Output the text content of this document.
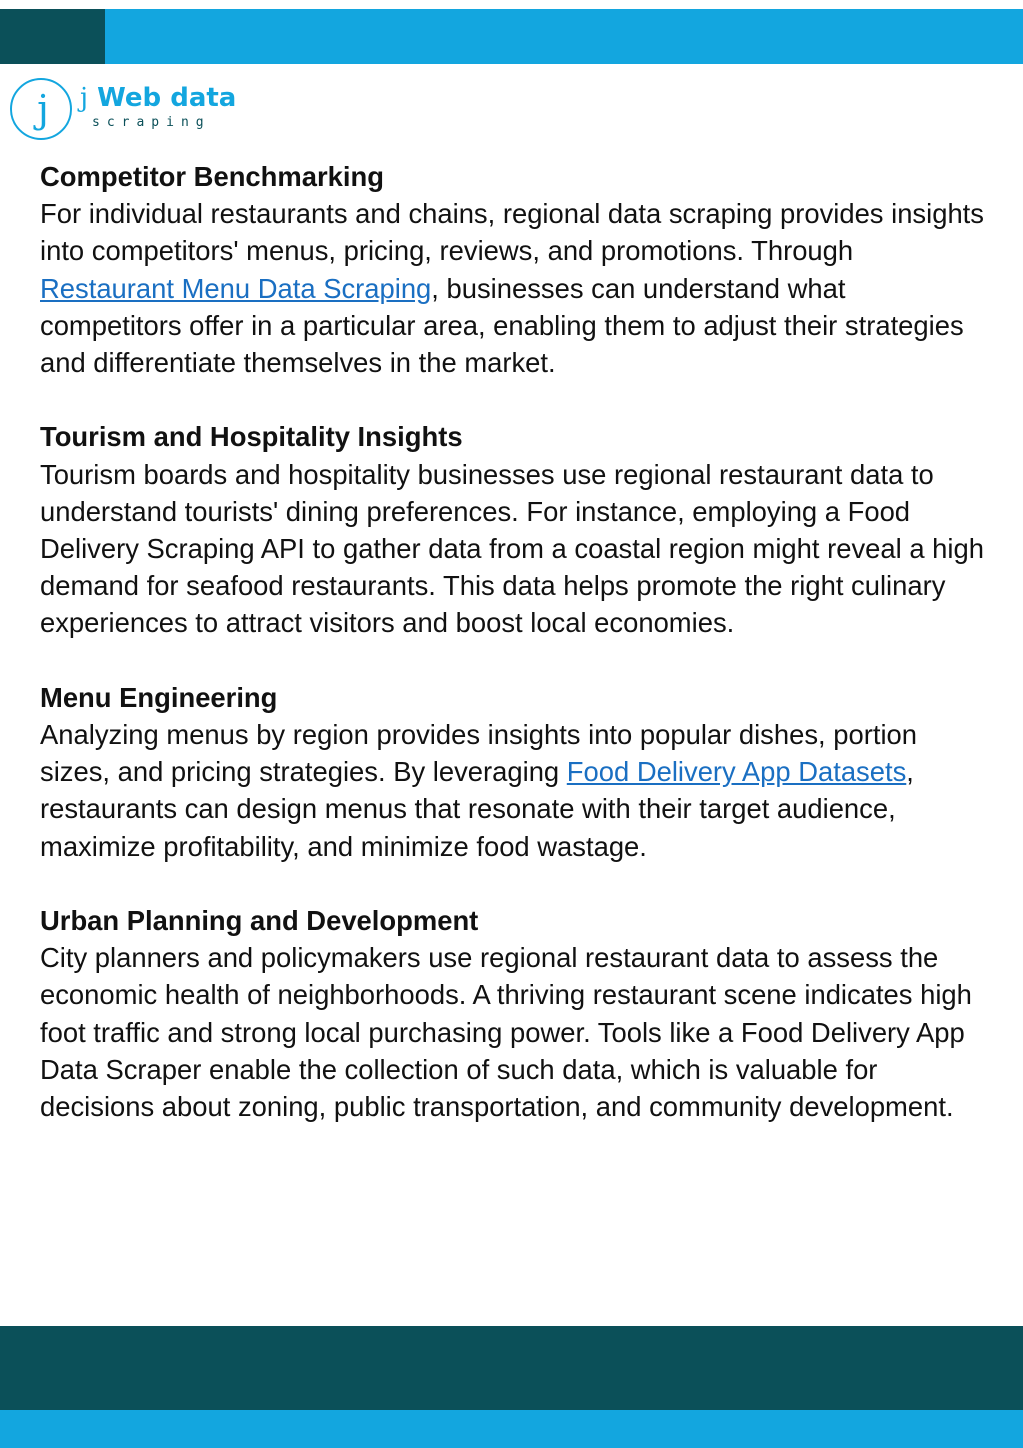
j	j Web data
scraping

Competitor Benchmarking

For individual restaurants and chains, regional data scraping provides insights into competitors' menus, pricing, reviews, and promotions. Through Restaurant Menu Data Scraping, businesses can understand what competitors offer in a particular area, enabling them to adjust their strategies and differentiate themselves in the market.

Tourism and Hospitality Insights

Tourism boards and hospitality businesses use regional restaurant data to understand tourists' dining preferences. For instance, employing a Food Delivery Scraping API to gather data from a coastal region might reveal a high demand for seafood restaurants. This data helps promote the right culinary experiences to attract visitors and boost local economies.

Menu Engineering

Analyzing menus by region provides insights into popular dishes, portion sizes, and pricing strategies. By leveraging Food Delivery App Datasets, restaurants can design menus that resonate with their target audience, maximize profitability, and minimize food wastage.

Urban Planning and Development

City planners and policymakers use regional restaurant data to assess the economic health of neighborhoods. A thriving restaurant scene indicates high foot traffic and strong local purchasing power. Tools like a Food Delivery App Data Scraper enable the collection of such data, which is valuable for decisions about zoning, public transportation, and community development.
